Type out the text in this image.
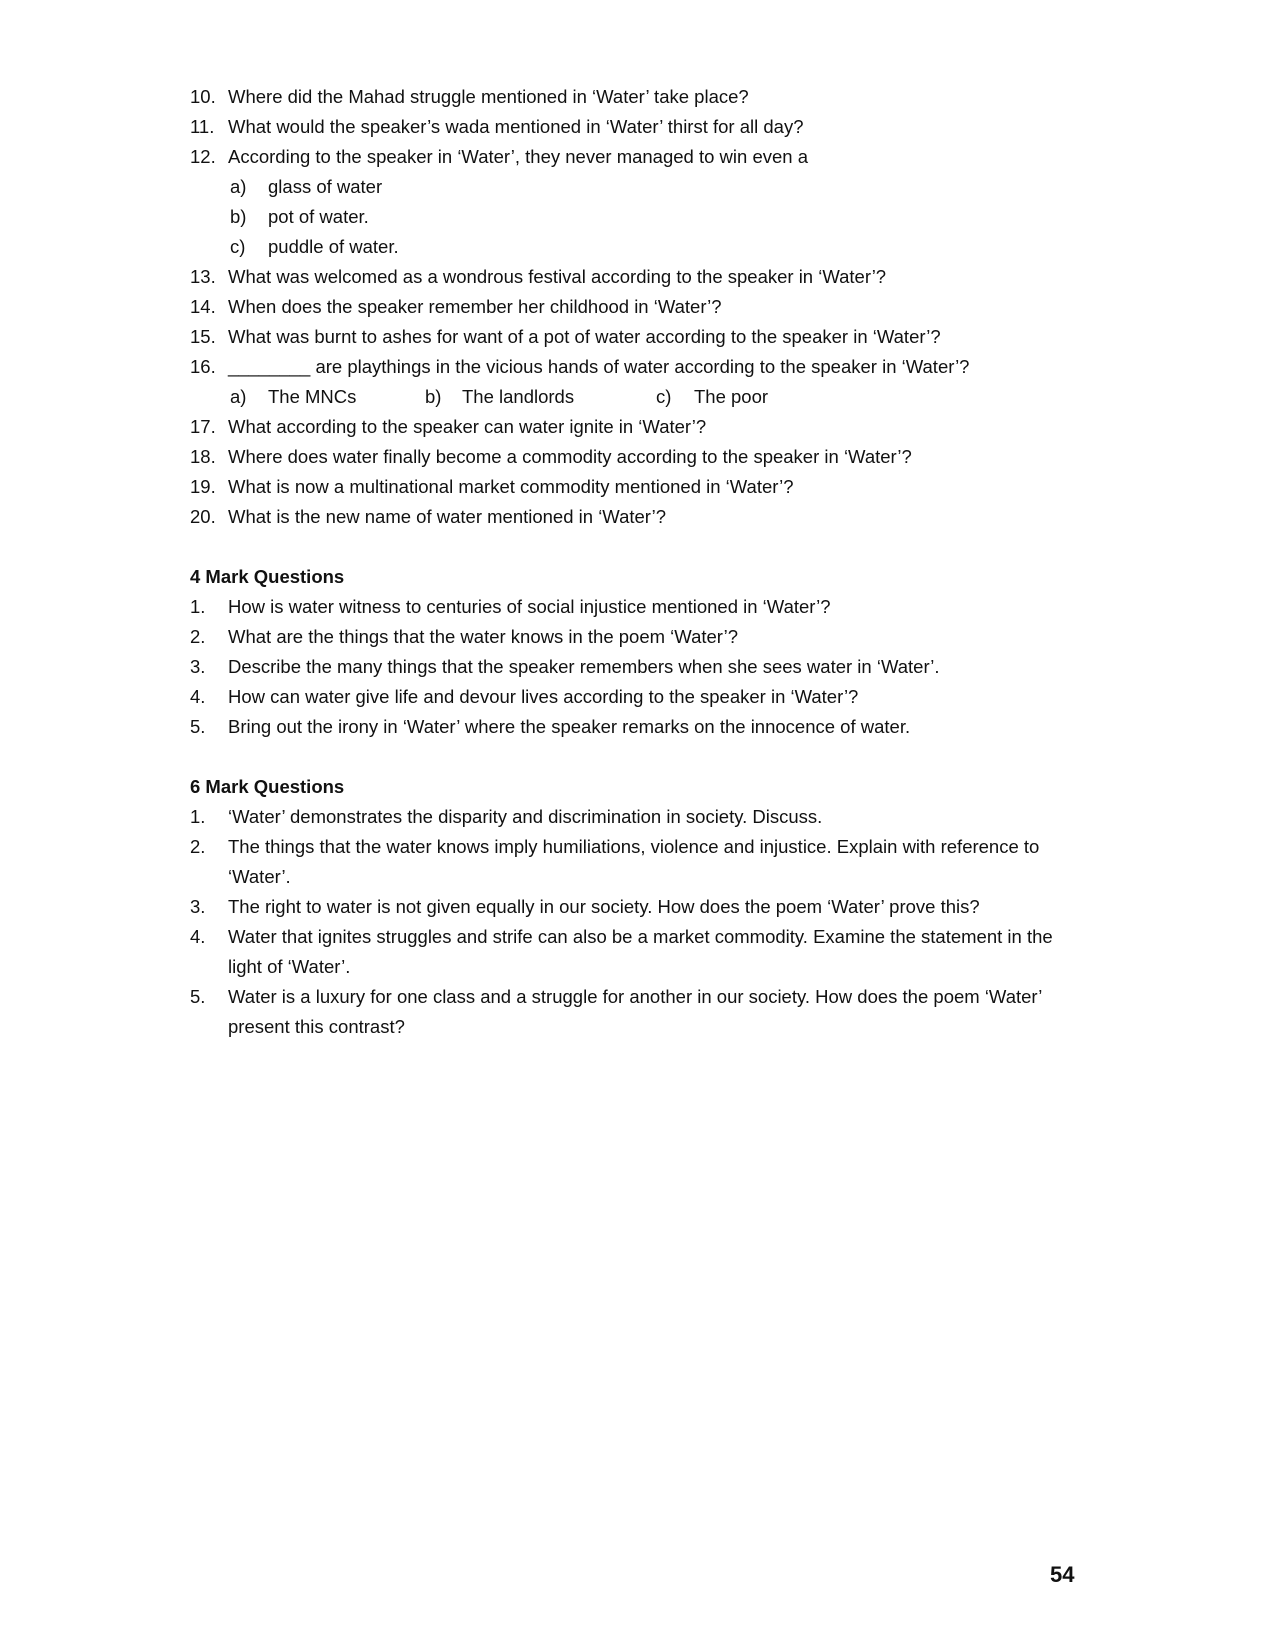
10. Where did the Mahad struggle mentioned in ‘Water’ take place?
11. What would the speaker’s wada mentioned in ‘Water’ thirst for all day?
12. According to the speaker in ‘Water’, they never managed to win even a
a) glass of water
b) pot of water.
c) puddle of water.
13. What was welcomed as a wondrous festival according to the speaker in ‘Water’?
14. When does the speaker remember her childhood in ‘Water’?
15. What was burnt to ashes for want of a pot of water according to the speaker in ‘Water’?
16. ________ are playthings in the vicious hands of water according to the speaker in ‘Water’?
a) The MNCs	b) The landlords	c) The poor
17. What according to the speaker can water ignite in ‘Water’?
18. Where does water finally become a commodity according to the speaker in ‘Water’?
19. What is now a multinational market commodity mentioned in ‘Water’?
20. What is the new name of water mentioned in ‘Water’?
4 Mark Questions
1.	How is water witness to centuries of social injustice mentioned in ‘Water’?
2.	What are the things that the water knows in the poem ‘Water’?
3.	Describe the many things that the speaker remembers when she sees water in ‘Water’.
4.	How can water give life and devour lives according to the speaker in ‘Water’?
5.	Bring out the irony in ‘Water’ where the speaker remarks on the innocence of water.
6 Mark Questions
1.	‘Water’ demonstrates the disparity and discrimination in society. Discuss.
2.	The things that the water knows imply humiliations, violence and injustice. Explain with reference to ‘Water’.
3.	The right to water is not given equally in our society. How does the poem ‘Water’ prove this?
4.	Water that ignites struggles and strife can also be a market commodity. Examine the statement in the light of ‘Water’.
5.	Water is a luxury for one class and a struggle for another in our society. How does the poem ‘Water’ present this contrast?
54
